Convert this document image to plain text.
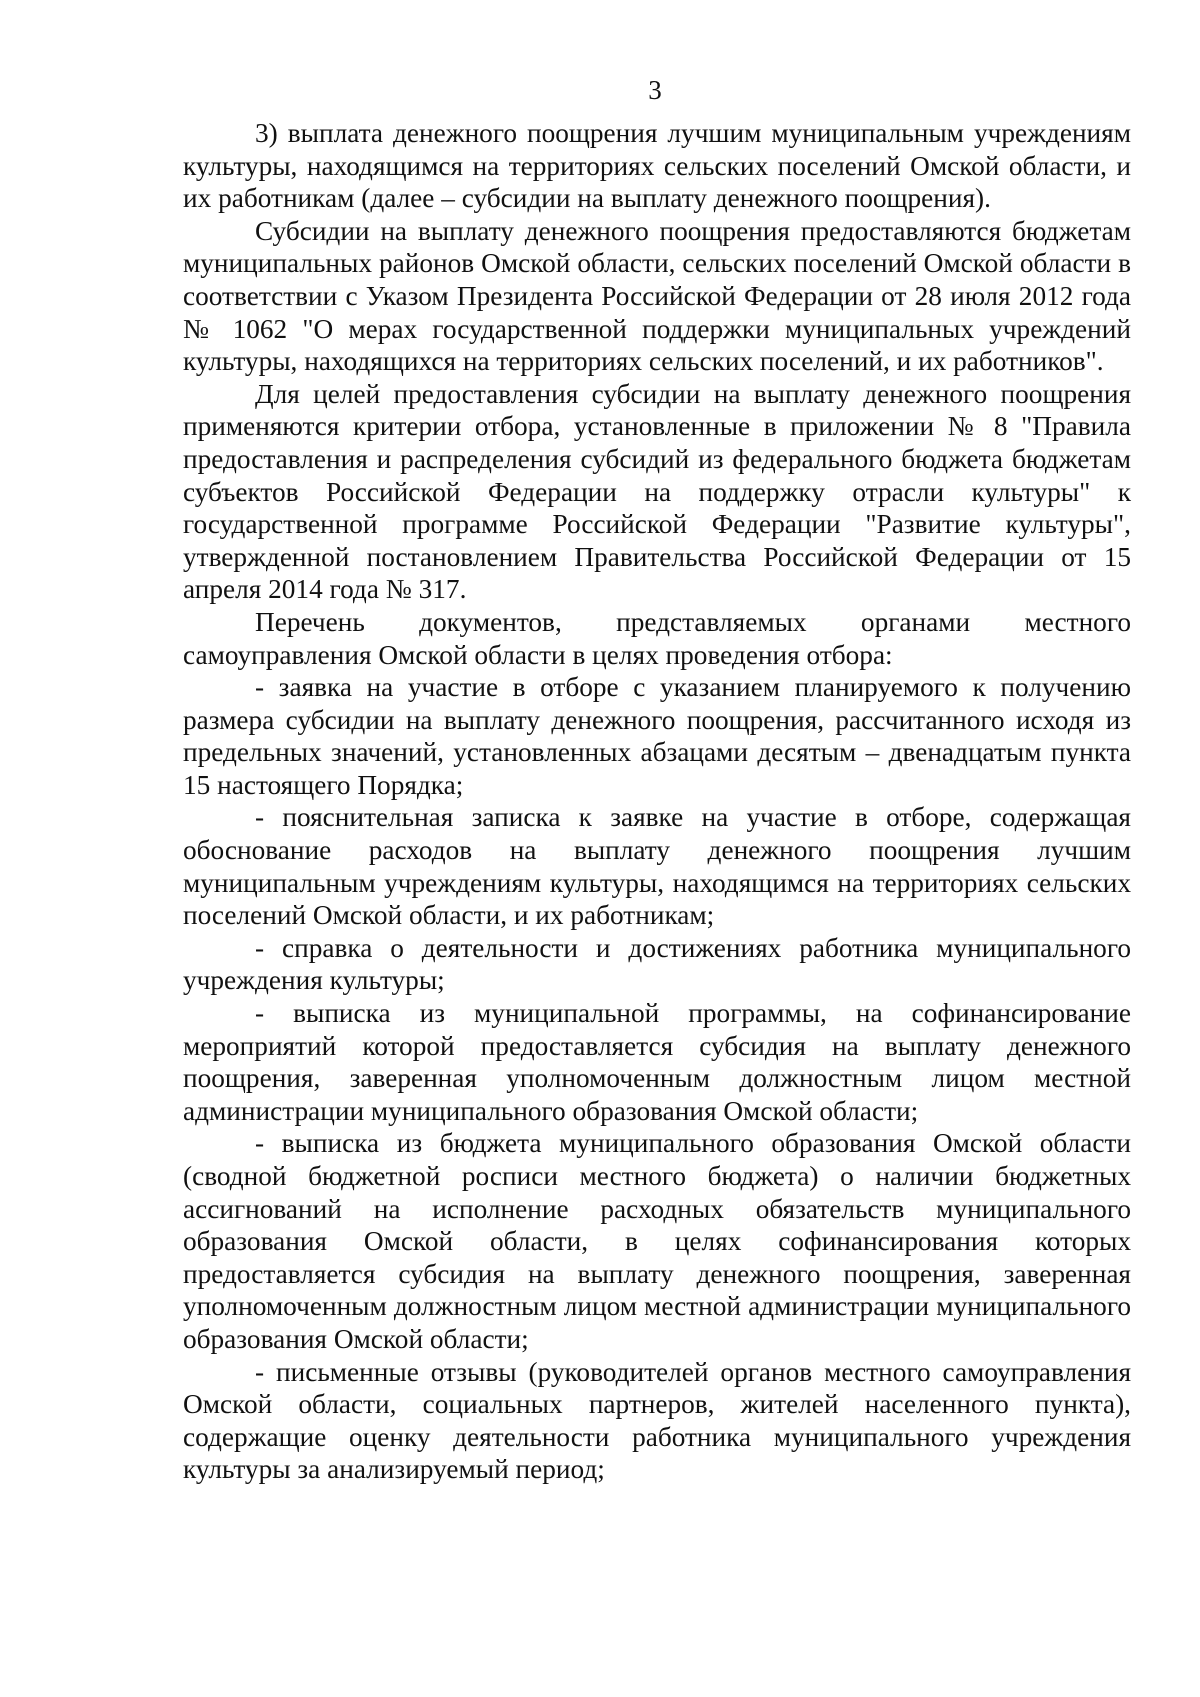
3

3) выплата денежного поощрения лучшим муниципальным учреждениям культуры, находящимся на территориях сельских поселений Омской области, и их работникам (далее – субсидии на выплату денежного поощрения).

Субсидии на выплату денежного поощрения предоставляются бюджетам муниципальных районов Омской области, сельских поселений Омской области в соответствии с Указом Президента Российской Федерации от 28 июля 2012 года № 1062 "О мерах государственной поддержки муниципальных учреждений культуры, находящихся на территориях сельских поселений, и их работников".

Для целей предоставления субсидии на выплату денежного поощрения применяются критерии отбора, установленные в приложении № 8 "Правила предоставления и распределения субсидий из федерального бюджета бюджетам субъектов Российской Федерации на поддержку отрасли культуры" к государственной программе Российской Федерации "Развитие культуры", утвержденной постановлением Правительства Российской Федерации от 15 апреля 2014 года № 317.

Перечень документов, представляемых органами местного самоуправления Омской области в целях проведения отбора:

- заявка на участие в отборе с указанием планируемого к получению размера субсидии на выплату денежного поощрения, рассчитанного исходя из предельных значений, установленных абзацами десятым – двенадцатым пункта 15 настоящего Порядка;

- пояснительная записка к заявке на участие в отборе, содержащая обоснование расходов на выплату денежного поощрения лучшим муниципальным учреждениям культуры, находящимся на территориях сельских поселений Омской области, и их работникам;

- справка о деятельности и достижениях работника муниципального учреждения культуры;

- выписка из муниципальной программы, на софинансирование мероприятий которой предоставляется субсидия на выплату денежного поощрения, заверенная уполномоченным должностным лицом местной администрации муниципального образования Омской области;

- выписка из бюджета муниципального образования Омской области (сводной бюджетной росписи местного бюджета) о наличии бюджетных ассигнований на исполнение расходных обязательств муниципального образования Омской области, в целях софинансирования которых предоставляется субсидия на выплату денежного поощрения, заверенная уполномоченным должностным лицом местной администрации муниципального образования Омской области;

- письменные отзывы (руководителей органов местного самоуправления Омской области, социальных партнеров, жителей населенного пункта), содержащие оценку деятельности работника муниципального учреждения культуры за анализируемый период;
